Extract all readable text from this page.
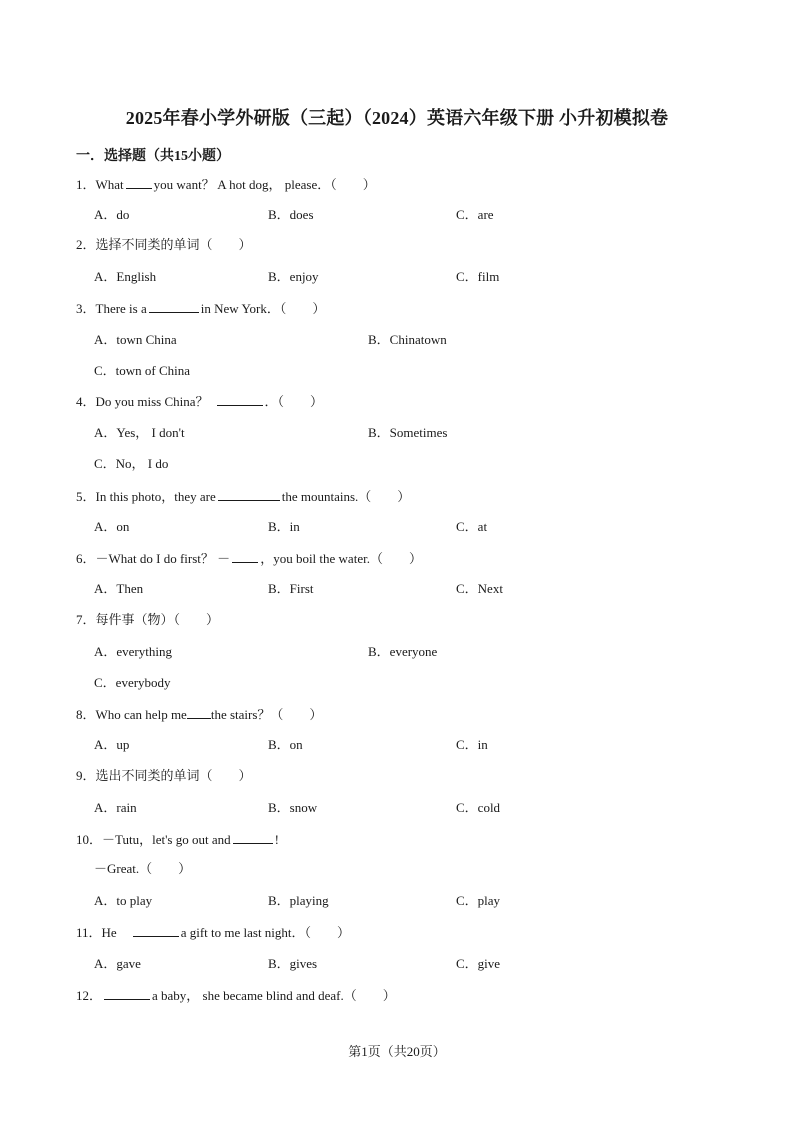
2025年春小学外研版（三起）（2024）英语六年级下册 小升初模拟卷
一．选择题（共15小题）
1．What you want？ A hot dog， please．（　　）
A．do	B．does	C．are
2．选择不同类的单词（　　）
A．English	B．enjoy	C．film
3．There is a	in New York．（　　）
A．town China	B．Chinatown
C．town of China
4．Do you miss China？	．（　　）
A．Yes， I don't	B．Sometimes
C．No， I do
5．In this photo，they are	the mountains.（　　）
A．on	B．in	C．at
6．－What do I do first？ － ，you boil the water.（　　）
A．Then	B．First	C．Next
7．每件事（物）（　　）
A．everything	B．everyone
C．everybody
8．Who can help me the stairs？（　　）
A．up	B．on	C．in
9．选出不同类的单词（　　）
A．rain	B．snow	C．cold
10．－Tutu，let's go out and	!
－Great.（　　）
A．to play	B．playing	C．play
11．He	a gift to me last night．（　　）
A．gave	B．gives	C．give
12．	a baby， she became blind and deaf.（　　）
第1页（共20页）
